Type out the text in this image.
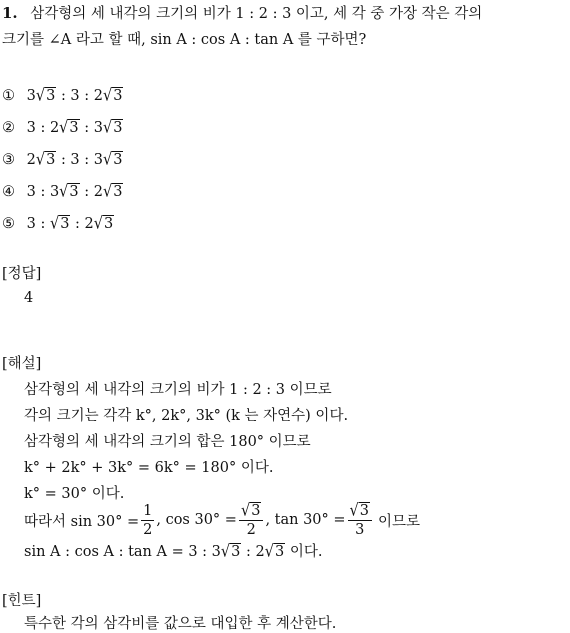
1. 삼각형의 세 내각의 크기의 비가 1 : 2 : 3 이고, 세 각 중 가장 작은 각의
크기를 ∠A 라고 할 때, sin A : cos A : tan A 를 구하면?
① 3√3 : 3 : 2√3
② 3 : 2√3 : 3√3
③ 2√3 : 3 : 3√3
④ 3 : 3√3 : 2√3
⑤ 3 : √3 : 2√3
[정답]
4
[해설]
삼각형의 세 내각의 크기의 비가 1 : 2 : 3 이므로
각의 크기는 각각 k°, 2k°, 3k° (k 는 자연수) 이다.
삼각형의 세 내각의 크기의 합은 180° 이므로
k° + 2k° + 3k° = 6k° = 180° 이다.
k° = 30° 이다.
따라서 $\sin 30^\circ = \frac{1}{2}$ , $\cos 30^\circ = \frac{√3}{2}$ , $\tan 30^\circ = \frac{√3}{3}$ 이므로
sin A : cos A : tan A = 3 : 3√3 : 2√3 이다.
[힌트]
특수한 각의 삼각비를 값으로 대입한 후 계산한다.
